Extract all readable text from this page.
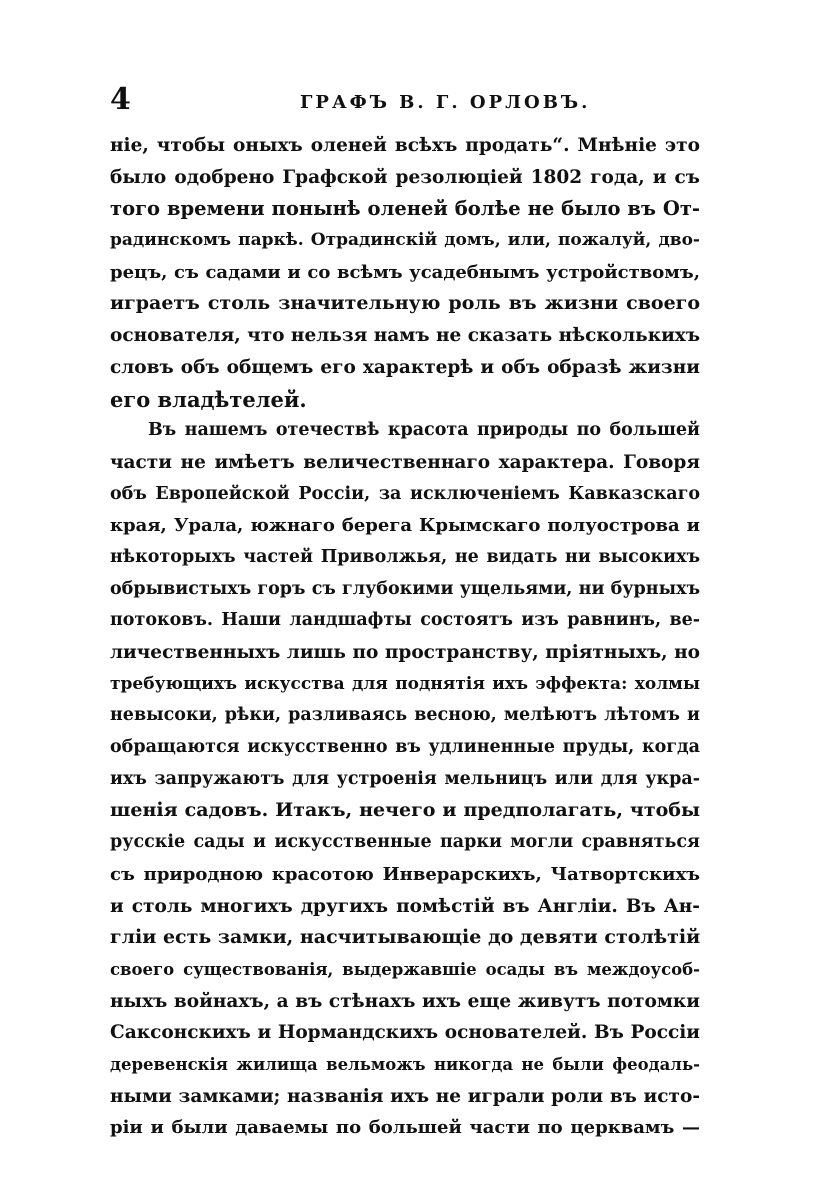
4	ГРАФЪ В. Г. ОРЛОВЪ.
ніе, чтобы оныхъ оленей всѣхъ продать“. Мнѣніе это
было одобрено Графской резолюціей 1802 года, и съ
того времени понынѣ оленей болѣе не было въ От-
радинскомъ паркѣ. Отрадинскій домъ, или, пожалуй, дво-
рецъ, съ садами и со всѣмъ усадебнымъ устройствомъ,
играетъ столь значительную роль въ жизни своего
основателя, что нельзя намъ не сказать нѣсколькихъ
словъ объ общемъ его характерѣ и объ образѣ жизни
его владѣтелей.
Въ нашемъ отечествѣ красота природы по большей
части не имѣетъ величественнаго характера. Говоря
объ Европейской Россіи, за исключеніемъ Кавказскаго
края, Урала, южнаго берега Крымскаго полуострова и
нѣкоторыхъ частей Приволжья, не видать ни высокихъ
обрывистыхъ горъ съ глубокими ущельями, ни бурныхъ
потоковъ. Наши ландшафты состоятъ изъ равнинъ, ве-
личественныхъ лишь по пространству, пріятныхъ, но
требующихъ искусства для поднятія ихъ эффекта: холмы
невысоки, рѣки, разливаясь весною, мелѣютъ лѣтомъ и
обращаются искусственно въ удлиненные пруды, когда
ихъ запружаютъ для устроенія мельницъ или для укра-
шенія садовъ. Итакъ, нечего и предполагать, чтобы
русскіе сады и искусственные парки могли сравняться
съ природною красотою Инверарскихъ, Чатвортскихъ
и столь многихъ другихъ помѣстій въ Англіи. Въ Ан-
гліи есть замки, насчитывающіе до девяти столѣтій
своего существованія, выдержавшіе осады въ междоусоб-
ныхъ войнахъ, а въ стѣнахъ ихъ еще живутъ потомки
Саксонскихъ и Нормандскихъ основателей. Въ Россіи
деревенскія жилища вельможъ никогда не были феодаль-
ными замками; названія ихъ не играли роли въ исто-
ріи и были даваемы по большей части по церквамъ —
